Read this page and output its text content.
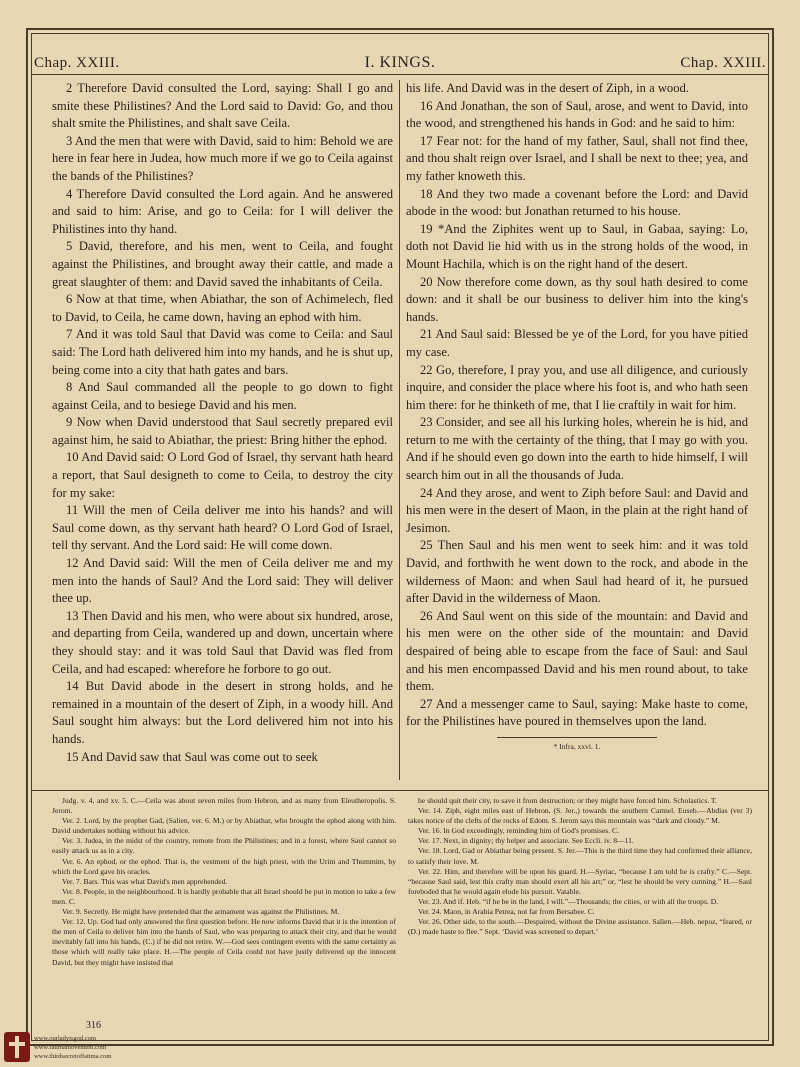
Chap. XXIII.	I. KINGS.	Chap. XXIII.

2 Therefore David consulted the Lord, saying: Shall I go and smite these Philistines? And the Lord said to David: Go, and thou shalt smite the Philistines, and shalt save Ceila.

3 And the men that were with David, said to him: Behold we are here in fear here in Judea, how much more if we go to Ceila against the bands of the Philistines?

4 Therefore David consulted the Lord again. And he answered and said to him: Arise, and go to Ceila: for I will deliver the Philistines into thy hand.

5 David, therefore, and his men, went to Ceila, and fought against the Philistines, and brought away their cattle, and made a great slaughter of them: and David saved the inhabitants of Ceila.

6 Now at that time, when Abiathar, the son of Achimelech, fled to David, to Ceila, he came down, having an ephod with him.

7 And it was told Saul that David was come to Ceila: and Saul said: The Lord hath delivered him into my hands, and he is shut up, being come into a city that hath gates and bars.

8 And Saul commanded all the people to go down to fight against Ceila, and to besiege David and his men.

9 Now when David understood that Saul secretly prepared evil against him, he said to Abiathar, the priest: Bring hither the ephod.

10 And David said: O Lord God of Israel, thy servant hath heard a report, that Saul designeth to come to Ceila, to destroy the city for my sake:

11 Will the men of Ceila deliver me into his hands? and will Saul come down, as thy servant hath heard? O Lord God of Israel, tell thy servant. And the Lord said: He will come down.

12 And David said: Will the men of Ceila deliver me and my men into the hands of Saul? And the Lord said: They will deliver thee up.

13 Then David and his men, who were about six hundred, arose, and departing from Ceila, wandered up and down, uncertain where they should stay: and it was told Saul that David was fled from Ceila, and had escaped: wherefore he forbore to go out.

14 But David abode in the desert in strong holds, and he remained in a mountain of the desert of Ziph, in a woody hill. And Saul sought him always: but the Lord delivered him not into his hands.

15 And David saw that Saul was come out to seek

his life. And David was in the desert of Ziph, in a wood.

16 And Jonathan, the son of Saul, arose, and went to David, into the wood, and strengthened his hands in God: and he said to him:

17 Fear not: for the hand of my father, Saul, shall not find thee, and thou shalt reign over Israel, and I shall be next to thee; yea, and my father knoweth this.

18 And they two made a covenant before the Lord: and David abode in the wood: but Jonathan returned to his house.

19 *And the Ziphites went up to Saul, in Gabaa, saying: Lo, doth not David lie hid with us in the strong holds of the wood, in Mount Hachila, which is on the right hand of the desert.

20 Now therefore come down, as thy soul hath desired to come down: and it shall be our business to deliver him into the king's hands.

21 And Saul said: Blessed be ye of the Lord, for you have pitied my case.

22 Go, therefore, I pray you, and use all diligence, and curiously inquire, and consider the place where his foot is, and who hath seen him there: for he thinketh of me, that I lie craftily in wait for him.

23 Consider, and see all his lurking holes, wherein he is hid, and return to me with the certainty of the thing, that I may go with you. And if he should even go down into the earth to hide himself, I will search him out in all the thousands of Juda.

24 And they arose, and went to Ziph before Saul: and David and his men were in the desert of Maon, in the plain at the right hand of Jesimon.

25 Then Saul and his men went to seek him: and it was told David, and forthwith he went down to the rock, and abode in the wilderness of Maon: and when Saul had heard of it, he pursued after David in the wilderness of Maon.

26 And Saul went on this side of the mountain: and David and his men were on the other side of the mountain: and David despaired of being able to escape from the face of Saul: and Saul and his men encompassed David and his men round about, to take them.

27 And a messenger came to Saul, saying: Make haste to come, for the Philistines have poured in themselves upon the land.

* Infra, xxvi. 1.

Judg. v. 4, and xv. 5. C.—Ceila was about seven miles from Hebron, and as many from Eleutheropolis. S. Jerom.

Ver. 2. Lord, by the prophet Gad, (Salien, ver. 6. M.) or by Abiathar, who brought the ephod along with him. David undertakes nothing without his advice.

Ver. 3. Judea, in the midst of the country, remote from the Philistines; and in a forest, where Saul cannot so easily attack us as in a city.

Ver. 6. An ephod, or the ephod. That is, the vestment of the high priest, with the Urim and Thummim, by which the Lord gave his oracles.

Ver. 7. Bars. This was what David's men apprehended.

Ver. 8. People, in the neighbourhood. It is hardly probable that all Israel should be put in motion to take a few men. C.

Ver. 9. Secretly. He might have pretended that the armament was against the Philistines. M.

Ver. 12. Up. God had only answered the first question before. He now informs David that it is the intention of the men of Ceila to deliver him into the hands of Saul, who was preparing to attack their city, and that he would inevitably fall into his hands, (C.) if he did not retire. W.—God sees contingent events with the same certainty as those which will really take place. H.—The people of Ceila could not have justly delivered up the innocent David, but they might have insisted that

he should quit their city, to save it from destruction; or they might have forced him. Scholastics. T.

Ver. 14. Ziph, eight miles east of Hebron, (S. Jer.,) towards the southern Carmel. Euseb.—Abdias (ver 3) takes notice of the clefts of the rocks of Edom. S. Jerom says this mountain was “dark and cloudy.” M.

Ver. 16. In God exceedingly, reminding him of God's promises. C.

Ver. 17. Next, in dignity; thy helper and associate. See Eccli. iv. 8—11.

Ver. 18. Lord, Gad or Abiathar being present. S. Jer.—This is the third time they had confirmed their alliance, to satisfy their love. M.

Ver. 22. Him, and therefore will be upon his guard. H.—Syriac, “because I am told he is crafty.” C.—Sept. “because Saul said, lest this crafty man should exert all his art;” or, “lest he should be very cunning.” H.—Saul foreboded that he would again elude his pursuit. Vatable.

Ver. 23. And if. Heb. “if he be in the land, I will.”—Thousands; the cities, or with all the troops. D.

Ver. 24. Maon, in Arabia Petrea, not far from Bersabee. C.

Ver. 26. Other side, to the south.—Despaired, without the Divine assistance. Salien.—Heb. nepoz, “feared, or (D.) made haste to flee.” Sept. ‘David was screened to depart.’

316
www.ourladyisgod.com
www.fatimamovement.com
www.thirdsecretoffatima.com
